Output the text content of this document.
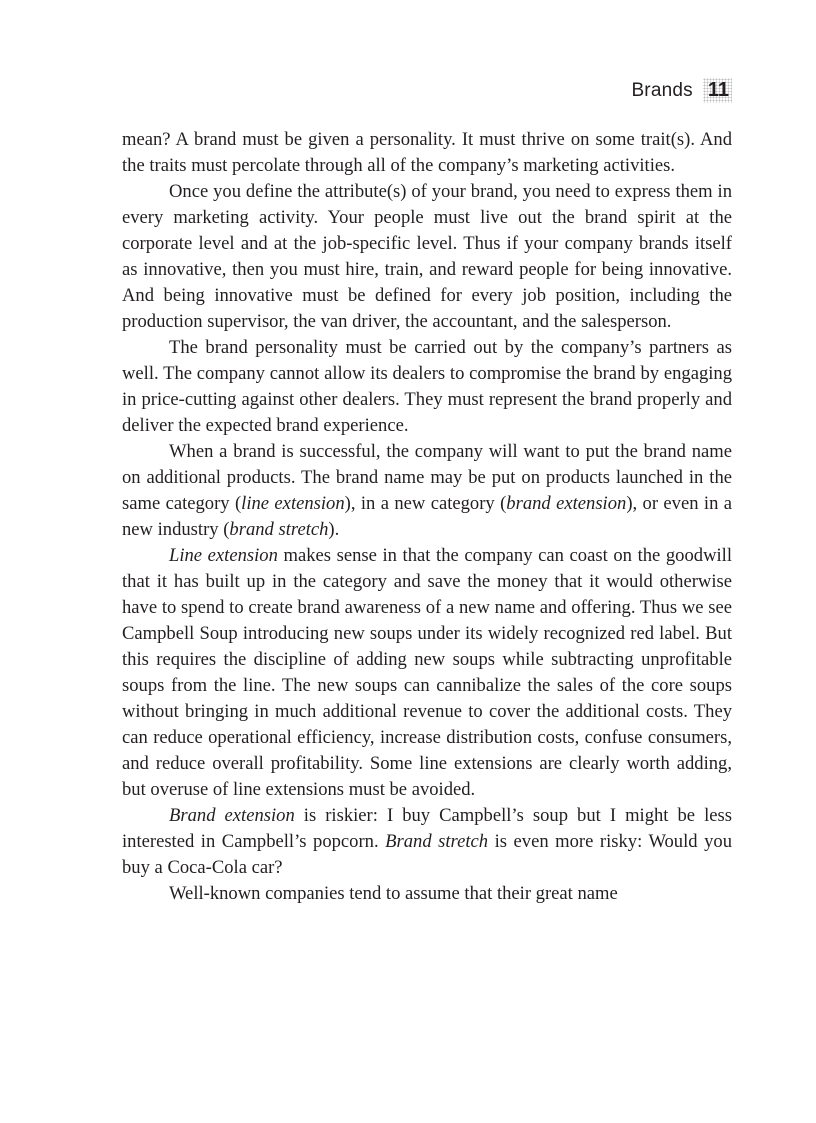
Brands 11

mean? A brand must be given a personality. It must thrive on some trait(s). And the traits must percolate through all of the company’s marketing activities.

Once you define the attribute(s) of your brand, you need to express them in every marketing activity. Your people must live out the brand spirit at the corporate level and at the job-specific level. Thus if your company brands itself as innovative, then you must hire, train, and reward people for being innovative. And being innovative must be defined for every job position, including the production supervisor, the van driver, the accountant, and the salesperson.

The brand personality must be carried out by the company’s partners as well. The company cannot allow its dealers to compromise the brand by engaging in price-cutting against other dealers. They must represent the brand properly and deliver the expected brand experience.

When a brand is successful, the company will want to put the brand name on additional products. The brand name may be put on products launched in the same category (line extension), in a new category (brand extension), or even in a new industry (brand stretch).

Line extension makes sense in that the company can coast on the goodwill that it has built up in the category and save the money that it would otherwise have to spend to create brand awareness of a new name and offering. Thus we see Campbell Soup introducing new soups under its widely recognized red label. But this requires the discipline of adding new soups while subtracting unprofitable soups from the line. The new soups can cannibalize the sales of the core soups without bringing in much additional revenue to cover the additional costs. They can reduce operational efficiency, increase distribution costs, confuse consumers, and reduce overall profitability. Some line extensions are clearly worth adding, but overuse of line extensions must be avoided.

Brand extension is riskier: I buy Campbell’s soup but I might be less interested in Campbell’s popcorn. Brand stretch is even more risky: Would you buy a Coca-Cola car?

Well-known companies tend to assume that their great name
